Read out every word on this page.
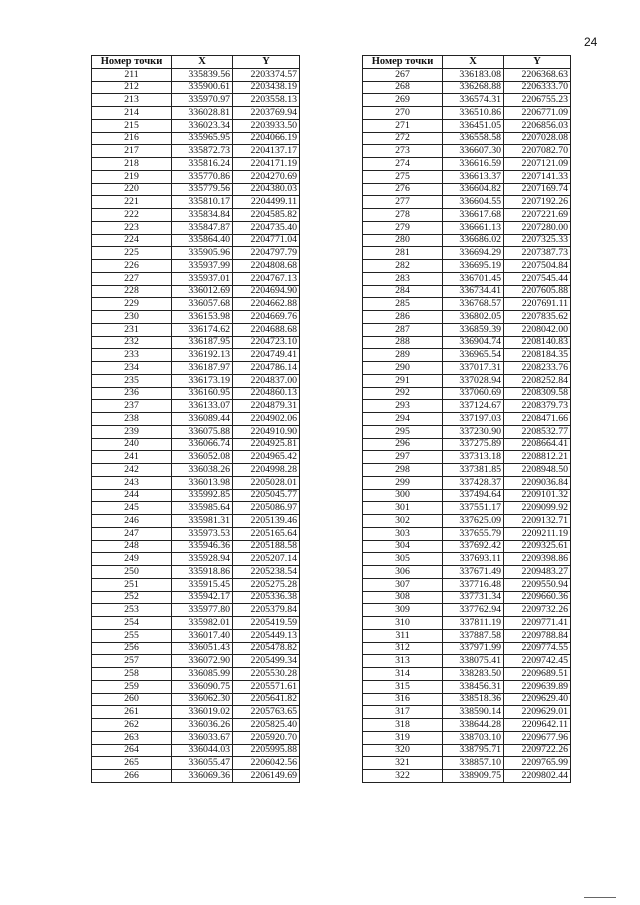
24
Номер точки	X	Y
211	335839.56	2203374.57
212	335900.61	2203438.19
213	335970.97	2203558.13
214	336028.81	2203769.94
215	336023.34	2203933.50
216	335965.95	2204066.19
217	335872.73	2204137.17
218	335816.24	2204171.19
219	335770.86	2204270.69
220	335779.56	2204380.03
221	335810.17	2204499.11
222	335834.84	2204585.82
223	335847.87	2204735.40
224	335864.40	2204771.04
225	335905.96	2204797.79
226	335937.99	2204808.68
227	335937.01	2204767.13
228	336012.69	2204694.90
229	336057.68	2204662.88
230	336153.98	2204669.76
231	336174.62	2204688.68
232	336187.95	2204723.10
233	336192.13	2204749.41
234	336187.97	2204786.14
235	336173.19	2204837.00
236	336160.95	2204860.13
237	336133.07	2204879.31
238	336089.44	2204902.06
239	336075.88	2204910.90
240	336066.74	2204925.81
241	336052.08	2204965.42
242	336038.26	2204998.28
243	336013.98	2205028.01
244	335992.85	2205045.77
245	335985.64	2205086.97
246	335981.31	2205139.46
247	335973.53	2205165.64
248	335946.36	2205188.58
249	335928.94	2205207.14
250	335918.86	2205238.54
251	335915.45	2205275.28
252	335942.17	2205336.38
253	335977.80	2205379.84
254	335982.01	2205419.59
255	336017.40	2205449.13
256	336051.43	2205478.82
257	336072.90	2205499.34
258	336085.99	2205530.28
259	336090.75	2205571.61
260	336062.30	2205641.82
261	336019.02	2205763.65
262	336036.26	2205825.40
263	336033.67	2205920.70
264	336044.03	2205995.88
265	336055.47	2206042.56
266	336069.36	2206149.69
Номер точки	X	Y
267	336183.08	2206368.63
268	336268.88	2206333.70
269	336574.31	2206755.23
270	336510.86	2206771.09
271	336451.05	2206856.03
272	336558.58	2207028.08
273	336607.30	2207082.70
274	336616.59	2207121.09
275	336613.37	2207141.33
276	336604.82	2207169.74
277	336604.55	2207192.26
278	336617.68	2207221.69
279	336661.13	2207280.00
280	336686.02	2207325.33
281	336694.29	2207387.73
282	336695.19	2207504.84
283	336701.45	2207545.44
284	336734.41	2207605.88
285	336768.57	2207691.11
286	336802.05	2207835.62
287	336859.39	2208042.00
288	336904.74	2208140.83
289	336965.54	2208184.35
290	337017.31	2208233.76
291	337028.94	2208252.84
292	337060.69	2208309.58
293	337124.67	2208379.73
294	337197.03	2208471.66
295	337230.90	2208532.77
296	337275.89	2208664.41
297	337313.18	2208812.21
298	337381.85	2208948.50
299	337428.37	2209036.84
300	337494.64	2209101.32
301	337551.17	2209099.92
302	337625.09	2209132.71
303	337655.79	2209211.19
304	337692.42	2209325.61
305	337693.11	2209398.86
306	337671.49	2209483.27
307	337716.48	2209550.94
308	337731.34	2209660.36
309	337762.94	2209732.26
310	337811.19	2209771.41
311	337887.58	2209788.84
312	337971.99	2209774.55
313	338075.41	2209742.45
314	338283.50	2209689.51
315	338456.31	2209639.89
316	338518.36	2209629.40
317	338590.14	2209629.01
318	338644.28	2209642.11
319	338703.10	2209677.96
320	338795.71	2209722.26
321	338857.10	2209765.99
322	338909.75	2209802.44
